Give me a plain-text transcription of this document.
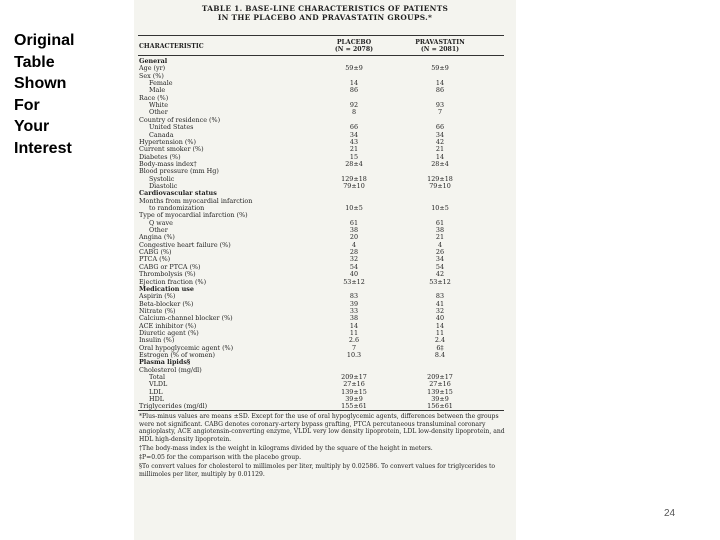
Original
Table
Shown
For
Your
Interest
TABLE 1. BASE-LINE CHARACTERISTICS OF PATIENTS
IN THE PLACEBO AND PRAVASTATIN GROUPS.*
CHARACTERISTIC
PLACEBO
(N = 2078)
PRAVASTATIN
(N = 2081)
General
Age (yr)	59±9	59±9
Sex (%)
Female	14	14
Male	86	86
Race (%)
White	92	93
Other	8	7
Country of residence (%)
United States	66	66
Canada	34	34
Hypertension (%)	43	42
Current smoker (%)	21	21
Diabetes (%)	15	14
Body-mass index†	28±4	28±4
Blood pressure (mm Hg)
Systolic	129±18	129±18
Diastolic	79±10	79±10
Cardiovascular status
Months from myocardial infarction
to randomization	10±5	10±5
Type of myocardial infarction (%)
Q wave	61	61
Other	38	38
Angina (%)	20	21
Congestive heart failure (%)	4	4
CABG (%)	28	26
PTCA (%)	32	34
CABG or PTCA (%)	54	54
Thrombolysis (%)	40	42
Ejection fraction (%)	53±12	53±12
Medication use
Aspirin (%)	83	83
Beta-blocker (%)	39	41
Nitrate (%)	33	32
Calcium-channel blocker (%)	38	40
ACE inhibitor (%)	14	14
Diuretic agent (%)	11	11
Insulin (%)	2.6	2.4
Oral hypoglycemic agent (%)	7	6‡
Estrogen (% of women)	10.3	8.4
Plasma lipids§
Cholesterol (mg/dl)
Total	209±17	209±17
VLDL	27±16	27±16
LDL	139±15	139±15
HDL	39±9	39±9
Triglycerides (mg/dl)	155±61	156±61

*Plus-minus values are means ±SD. Except for the use of oral hypoglycemic agents, differences between the groups were not significant. CABG denotes coronary-artery bypass grafting, PTCA percutaneous transluminal coronary angioplasty, ACE angiotensin-converting enzyme, VLDL very low density lipoprotein, LDL low-density lipoprotein, and HDL high-density lipoprotein.

†The body-mass index is the weight in kilograms divided by the square of the height in meters.

‡P=0.05 for the comparison with the placebo group.

§To convert values for cholesterol to millimoles per liter, multiply by 0.02586. To convert values for triglycerides to millimoles per liter, multiply by 0.01129.

24
